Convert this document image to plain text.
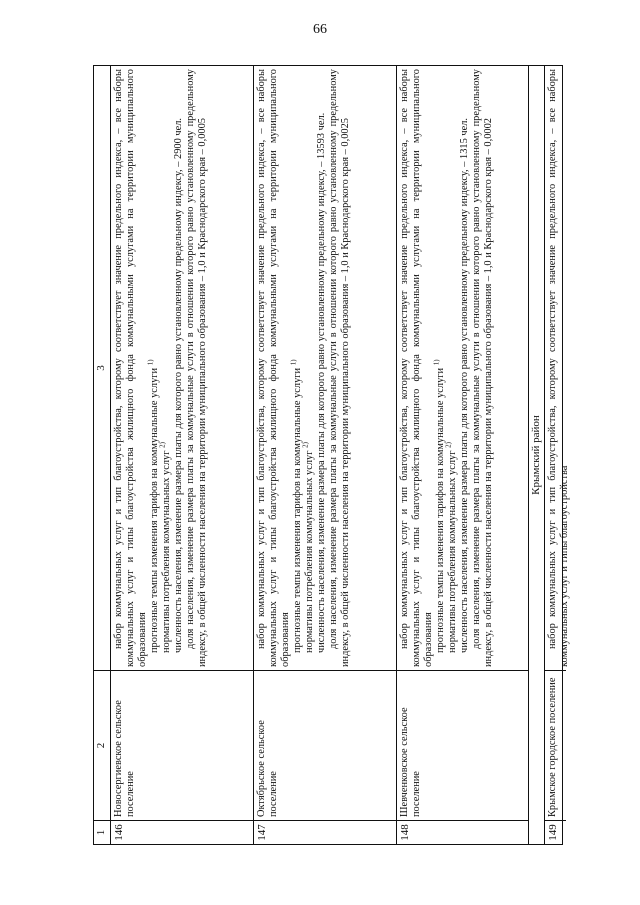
66
1
2
3
146
Новосергиевское сельское поселение

набор коммунальных услуг и тип благоустройства, которому соответствует значение предельного индекса, – все наборы коммунальных услуг и типы благоустройства жилищного фонда коммунальными услугами на территории муниципального образования прогнозные темпы изменения тарифов на коммунальные услуги $^{1)}$

нормативы потребления коммунальных услуг $^{2)}$ численность населения, изменение размера платы для которого равно установленному предельному индексу, – 2900 чел. доля населения, изменение размера платы за коммунальные услуги в отношении которого равно установленному предельному индексу, в общей численности населения на территории муниципального образования – 1,0 и Краснодарского края – 0,0005

147
Октябрьское сельское поселение

набор коммунальных услуг и тип благоустройства, которому соответствует значение предельного индекса, – все наборы коммунальных услуг и типы благоустройства жилищного фонда коммунальными услугами на территории муниципального образования прогнозные темпы изменения тарифов на коммунальные услуги $^{1)}$

нормативы потребления коммунальных услуг $^{2)}$ численность населения, изменение размера платы для которого равно установленному предельному индексу, – 13593 чел. доля населения, изменение размера платы за коммунальные услуги в отношении которого равно установленному предельному индексу, в общей численности населения на территории муниципального образования – 1,0 и Краснодарского края – 0,0025

148
Шевченковское сельское поселение

набор коммунальных услуг и тип благоустройства, которому соответствует значение предельного индекса, – все наборы коммунальных услуг и типы благоустройства жилищного фонда коммунальными услугами на территории муниципального образования прогнозные темпы изменения тарифов на коммунальные услуги $^{1)}$

нормативы потребления коммунальных услуг $^{2)}$ численность населения, изменение размера платы для которого равно установленному предельному индексу, – 1315 чел. доля населения, изменение размера платы за коммунальные услуги в отношении которого равно установленному предельному индексу, в общей численности населения на территории муниципального образования – 1,0 и Краснодарского края – 0,0002	Крымский район
149
Крымское городское поселение

набор коммунальных услуг и тип благоустройства, которому соответствует значение предельного индекса, – все наборы коммунальных услуг и типы благоустройства
